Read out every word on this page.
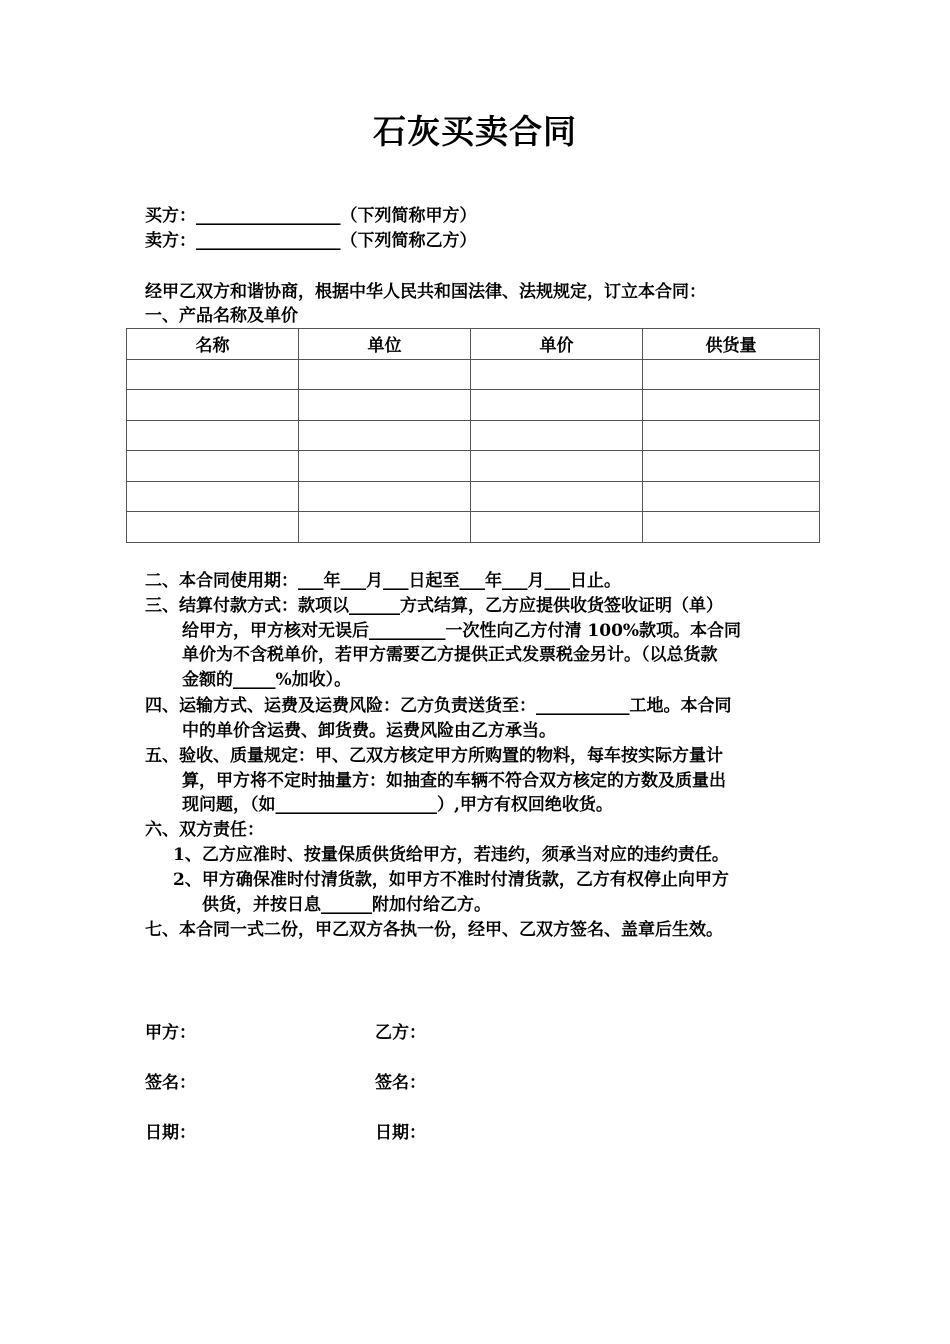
石灰买卖合同
买方：_________________（下列简称甲方）
卖方：_________________（下列简称乙方）
经甲乙双方和谐协商，根据中华人民共和国法律、法规规定，订立本合同：
一、产品名称及单价
名称	单位	单价	供货量

二、本合同使用期：___年___月___日起至___年___月___日止。
三、结算付款方式：款项以______方式结算，乙方应提供收货签收证明（单）
给甲方，甲方核对无误后_________一次性向乙方付清 100%款项。本合同
单价为不含税单价，若甲方需要乙方提供正式发票税金另计。（以总货款
金额的_____%加收）。
四、运输方式、运费及运费风险：乙方负责送货至：___________工地。本合同
中的单价含运费、卸货费。运费风险由乙方承当。
五、验收、质量规定：甲、乙双方核定甲方所购置的物料，每车按实际方量计
算，甲方将不定时抽量方：如抽查的车辆不符合双方核定的方数及质量出
现问题，（如___________________）,甲方有权回绝收货。
六、双方责任：
1、乙方应准时、按量保质供货给甲方，若违约，须承当对应的违约责任。
2、甲方确保准时付清货款，如甲方不准时付清货款，乙方有权停止向甲方
供货，并按日息______附加付给乙方。
七、本合同一式二份，甲乙双方各执一份，经甲、乙双方签名、盖章后生效。
甲方：	乙方：
签名：	签名：
日期：	日期：
